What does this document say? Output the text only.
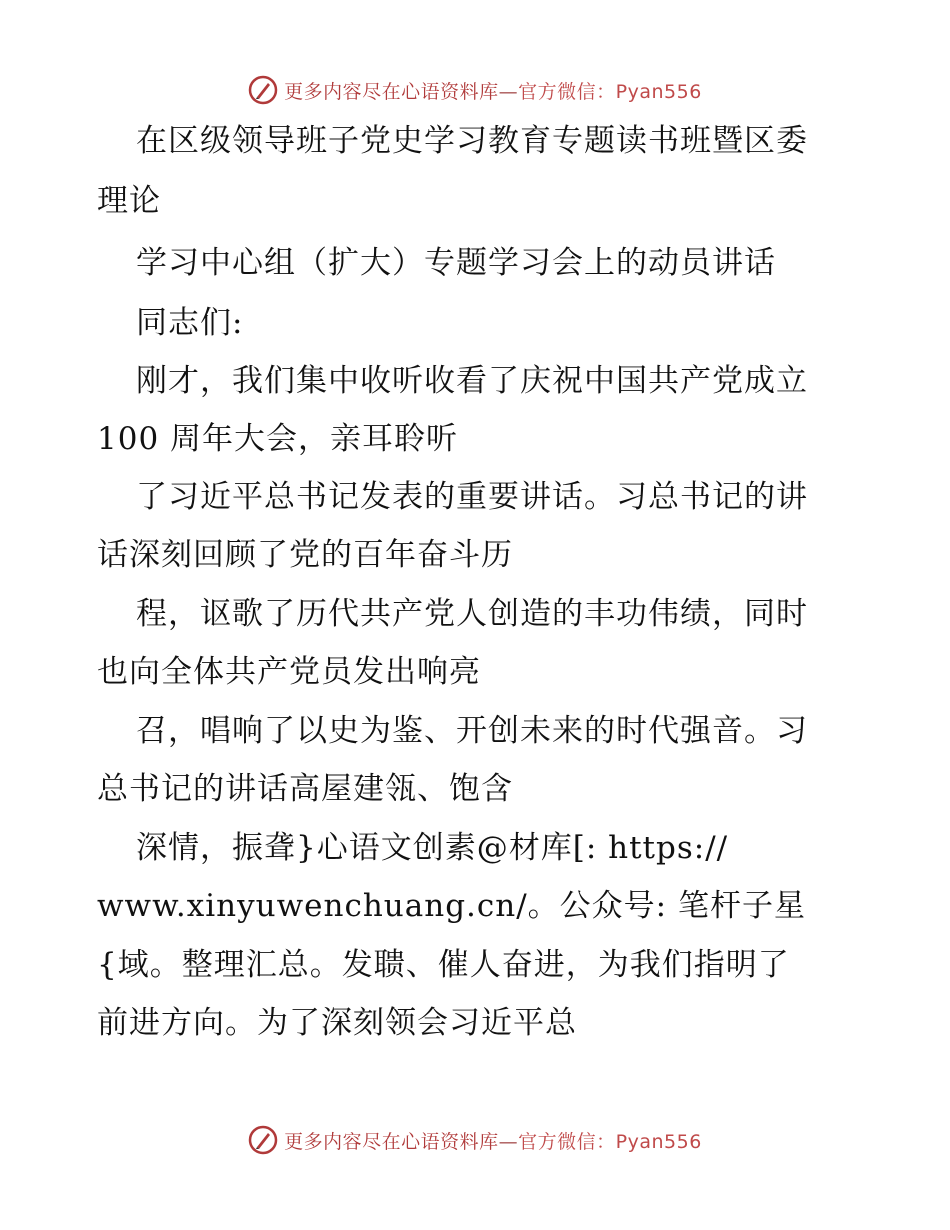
更多内容尽在心语资料库—官方微信：Pyan556
在区级领导班子党史学习教育专题读书班暨区委
理论
学习中心组（扩大）专题学习会上的动员讲话
同志们:
刚才，我们集中收听收看了庆祝中国共产党成立
100 周年大会，亲耳聆听
了习近平总书记发表的重要讲话。习总书记的讲
话深刻回顾了党的百年奋斗历
程，讴歌了历代共产党人创造的丰功伟绩，同时
也向全体共产党员发出响亮
召，唱响了以史为鉴、开创未来的时代强音。习
总书记的讲话高屋建瓴、饱含
深情，振聋}心语文创素@材库[: https://
www.xinyuwenchuang.cn/。公众号: 笔杆子星
{域。整理汇总。发聩、催人奋进，为我们指明了
前进方向。为了深刻领会习近平总
更多内容尽在心语资料库—官方微信：Pyan556
